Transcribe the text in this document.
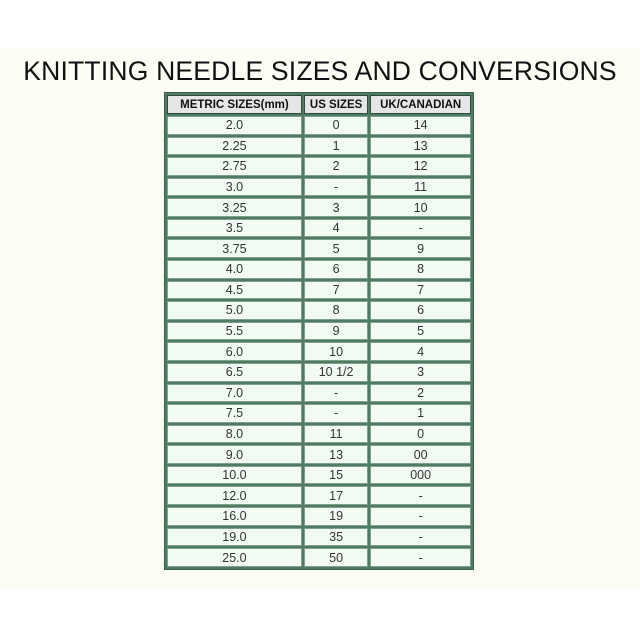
KNITTING NEEDLE SIZES AND CONVERSIONS
METRIC SIZES(mm)	US SIZES	UK/CANADIAN
2.0	0	14
2.25	1	13
2.75	2	12
3.0	-	11
3.25	3	10
3.5	4	-
3.75	5	9
4.0	6	8
4.5	7	7
5.0	8	6
5.5	9	5
6.0	10	4
6.5	10 1/2	3
7.0	-	2
7.5	-	1
8.0	11	0
9.0	13	00
10.0	15	000
12.0	17	-
16.0	19	-
19.0	35	-
25.0	50	-
